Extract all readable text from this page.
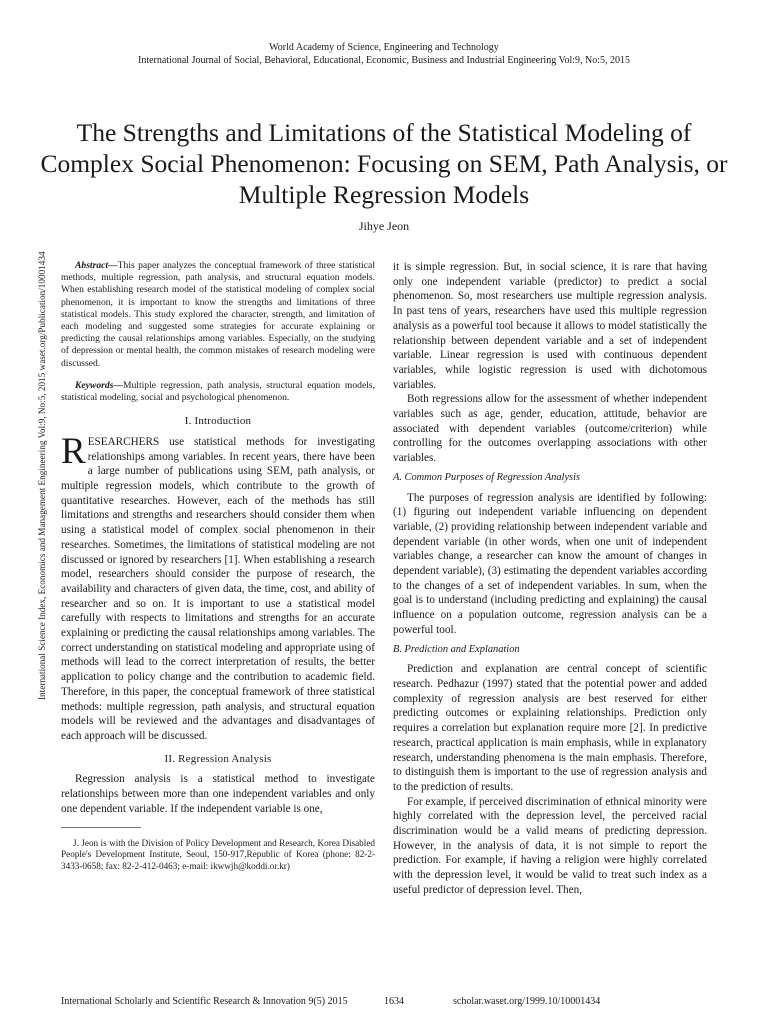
World Academy of Science, Engineering and Technology
International Journal of Social, Behavioral, Educational, Economic, Business and Industrial Engineering Vol:9, No:5, 2015
The Strengths and Limitations of the Statistical Modeling of Complex Social Phenomenon: Focusing on SEM, Path Analysis, or Multiple Regression Models
Jihye Jeon
International Science Index, Economics and Management Engineering Vol:9, No:5, 2015 waset.org/Publication/10001434	Abstract—This paper analyzes the conceptual framework of three statistical methods, multiple regression, path analysis, and structural equation models. When establishing research model of the statistical modeling of complex social phenomenon, it is important to know the strengths and limitations of three statistical models. This study explored the character, strength, and limitation of each modeling and suggested some strategies for accurate explaining or predicting the causal relationships among variables. Especially, on the studying of depression or mental health, the common mistakes of research modeling were discussed.

Keywords—Multiple regression, path analysis, structural equation models, statistical modeling, social and psychological phenomenon.

I. Introduction

RESEARCHERS use statistical methods for investigating relationships among variables. In recent years, there have been a large number of publications using SEM, path analysis, or multiple regression models, which contribute to the growth of quantitative researches. However, each of the methods has still limitations and strengths and researchers should consider them when using a statistical model of complex social phenomenon in their researches. Sometimes, the limitations of statistical modeling are not discussed or ignored by researchers [1]. When establishing a research model, researchers should consider the purpose of research, the availability and characters of given data, the time, cost, and ability of researcher and so on. It is important to use a statistical model carefully with respects to limitations and strengths for an accurate explaining or predicting the causal relationships among variables. The correct understanding on statistical modeling and appropriate using of methods will lead to the correct interpretation of results, the better application to policy change and the contribution to academic field. Therefore, in this paper, the conceptual framework of three statistical methods: multiple regression, path analysis, and structural equation models will be reviewed and the advantages and disadvantages of each approach will be discussed.

II. Regression Analysis

Regression analysis is a statistical method to investigate relationships between more than one independent variables and only one dependent variable. If the independent variable is one,

J. Jeon is with the Division of Policy Development and Research, Korea Disabled People's Development Institute, Seoul, 150-917,Republic of Korea (phone: 82-2-3433-0658; fax: 82-2-412-0463; e-mail: ikwwjh@koddi.or.kr)

it is simple regression. But, in social science, it is rare that having only one independent variable (predictor) to predict a social phenomenon. So, most researchers use multiple regression analysis. In past tens of years, researchers have used this multiple regression analysis as a powerful tool because it allows to model statistically the relationship between dependent variable and a set of independent variable. Linear regression is used with continuous dependent variables, while logistic regression is used with dichotomous variables.

Both regressions allow for the assessment of whether independent variables such as age, gender, education, attitude, behavior are associated with dependent variables (outcome/criterion) while controlling for the outcomes overlapping associations with other variables.

A. Common Purposes of Regression Analysis

The purposes of regression analysis are identified by following: (1) figuring out independent variable influencing on dependent variable, (2) providing relationship between independent variable and dependent variable (in other words, when one unit of independent variables change, a researcher can know the amount of changes in dependent variable), (3) estimating the dependent variables according to the changes of a set of independent variables. In sum, when the goal is to understand (including predicting and explaining) the causal influence on a population outcome, regression analysis can be a powerful tool.

B. Prediction and Explanation

Prediction and explanation are central concept of scientific research. Pedhazur (1997) stated that the potential power and added complexity of regression analysis are best reserved for either predicting outcomes or explaining relationships. Prediction only requires a correlation but explanation require more [2]. In predictive research, practical application is main emphasis, while in explanatory research, understanding phenomena is the main emphasis. Therefore, to distinguish them is important to the use of regression analysis and to the prediction of results.

For example, if perceived discrimination of ethnical minority were highly correlated with the depression level, the perceived racial discrimination would be a valid means of predicting depression. However, in the analysis of data, it is not simple to report the prediction. For example, if having a religion were highly correlated with the depression level, it would be valid to treat such index as a useful predictor of depression level. Then,

International Scholarly and Scientific Research & Innovation 9(5) 2015	1634	scholar.waset.org/1999.10/10001434
